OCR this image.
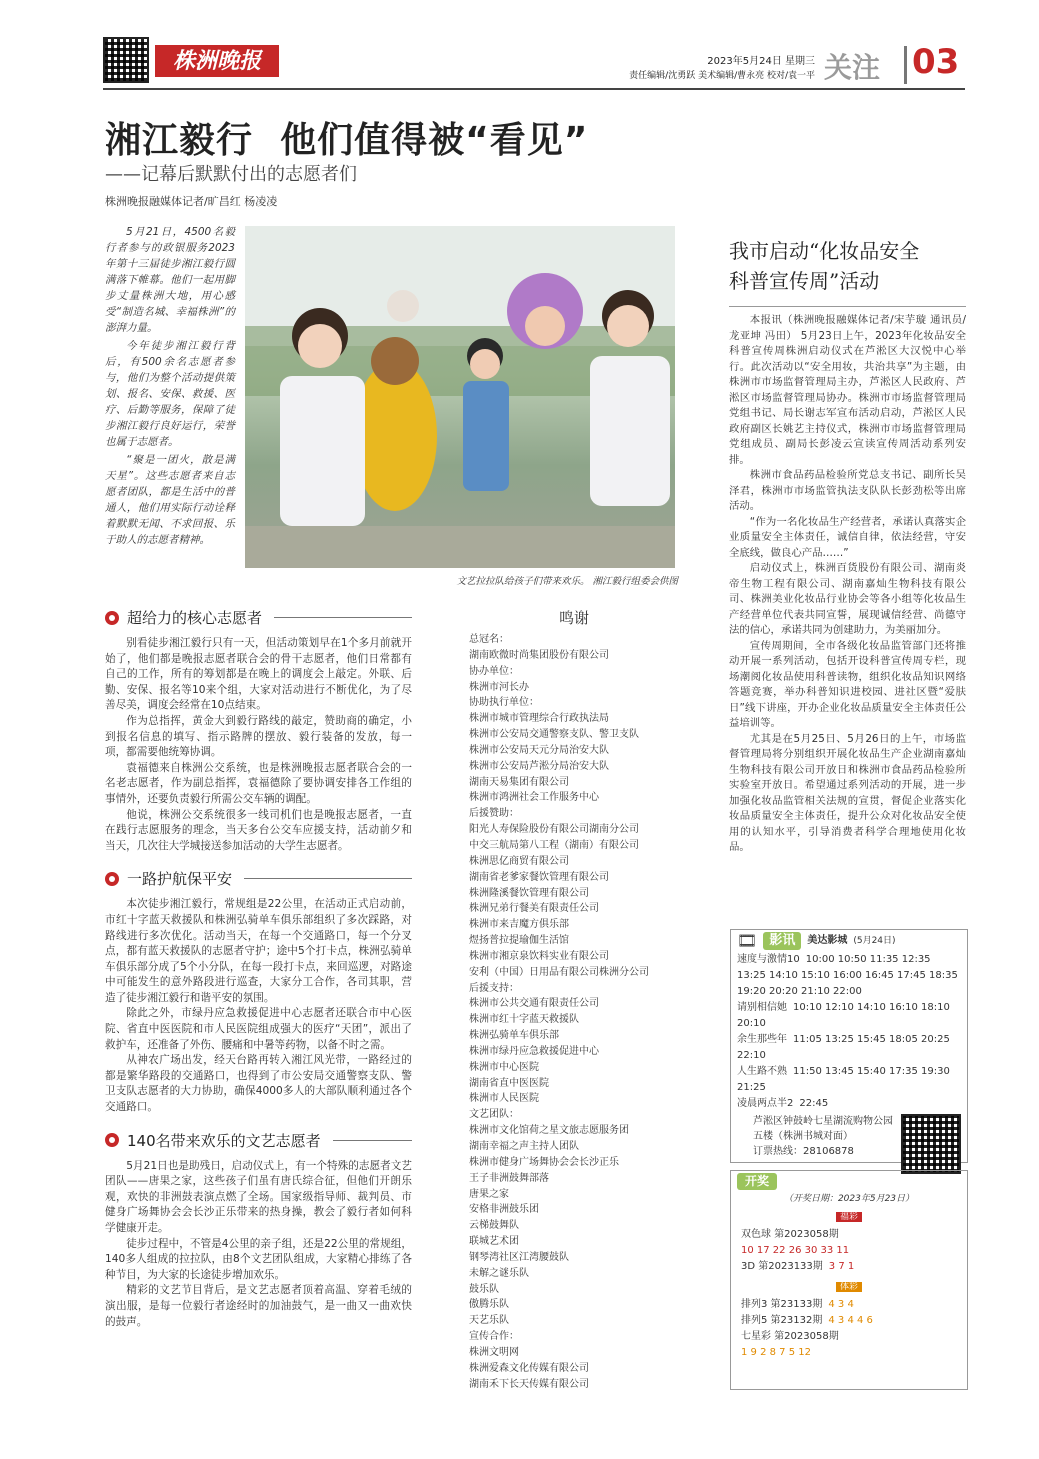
株洲晚报	2023年5月24日 星期三
责任编辑/沈勇跃 美术编辑/曹永亮 校对/袁一平 关注 03
湘江毅行  他们值得被“看见”
——记幕后默默付出的志愿者们
株洲晚报融媒体记者/旷昌红 杨凌凌

5月21日，4500名毅行者参与的政银服务2023年第十三届徒步湘江毅行圆满落下帷幕。他们一起用脚步丈量株洲大地，用心感受“制造名城、幸福株洲”的澎湃力量。

今年徒步湘江毅行背后，有500余名志愿者参与，他们为整个活动提供策划、报名、安保、救援、医疗、后勤等服务，保障了徒步湘江毅行良好运行，荣誉也属于志愿者。

“聚是一团火，散是满天星”。这些志愿者来自志愿者团队，都是生活中的普通人，他们用实际行动诠释着默默无闻、不求回报、乐于助人的志愿者精神。

文艺拉拉队给孩子们带来欢乐。 湘江毅行组委会供图
超给力的核心志愿者

别看徒步湘江毅行只有一天，但活动策划早在1个多月前就开始了，他们都是晚报志愿者联合会的骨干志愿者，他们日常都有自己的工作，所有的筹划都是在晚上的调度会上敲定。外联、后勤、安保、报名等10来个组，大家对活动进行不断优化，为了尽善尽美，调度会经常在10点结束。

作为总指挥，黄金大到毅行路线的敲定，赞助商的确定，小到报名信息的填写、指示路牌的摆放、毅行装备的发放，每一项，都需要他统筹协调。

袁福德来自株洲公交系统，也是株洲晚报志愿者联合会的一名老志愿者，作为副总指挥，袁福德除了要协调安排各工作组的事情外，还要负责毅行所需公交车辆的调配。

他说，株洲公交系统很多一线司机们也是晚报志愿者，一直在践行志愿服务的理念，当天多台公交车应援支持，活动前夕和当天，几次往大学城接送参加活动的大学生志愿者。

一路护航保平安

本次徒步湘江毅行，常规组是22公里，在活动正式启动前，市红十字蓝天救援队和株洲弘骑单车俱乐部组织了多次踩路，对路线进行多次优化。活动当天，在每一个交通路口，每一个分叉点，都有蓝天救援队的志愿者守护；途中5个打卡点，株洲弘骑单车俱乐部分成了5个小分队，在每一段打卡点，来回巡逻，对路途中可能发生的意外路段进行巡查，大家分工合作，各司其职，营造了徒步湘江毅行和谐平安的氛围。

除此之外，市绿丹应急救援促进中心志愿者还联合市中心医院、省直中医医院和市人民医院组成强大的医疗“天团”，派出了救护车，还准备了外伤、腰痛和中暑等药物，以备不时之需。

从神农广场出发，经天台路再转入湘江风光带，一路经过的都是繁华路段的交通路口，也得到了市公安局交通警察支队、警卫支队志愿者的大力协助，确保4000多人的大部队顺利通过各个交通路口。

140名带来欢乐的文艺志愿者

5月21日也是助残日，启动仪式上，有一个特殊的志愿者文艺团队——唐果之家，这些孩子们虽有唐氏综合征，但他们开朗乐观，欢快的非洲鼓表演点燃了全场。国家级指导师、裁判员、市健身广场舞协会会长沙正乐带来的热身操，教会了毅行者如何科学健康开走。

徒步过程中，不管是4公里的亲子组，还是22公里的常规组，140多人组成的拉拉队，由8个文艺团队组成，大家精心排练了各种节目，为大家的长途徒步增加欢乐。

精彩的文艺节目背后，是文艺志愿者顶着高温、穿着毛绒的演出服，是每一位毅行者途经时的加油鼓气，是一曲又一曲欢快的鼓声。

鸣谢

总冠名：

湖南欧微时尚集团股份有限公司

协办单位：

株洲市河长办

协助执行单位：

株洲市城市管理综合行政执法局

株洲市公安局交通警察支队、警卫支队

株洲市公安局天元分局治安大队

株洲市公安局芦淞分局治安大队

湖南天易集团有限公司

株洲市鸿洲社会工作服务中心

后援赞助：

阳光人寿保险股份有限公司湖南分公司

中交三航局第八工程（湖南）有限公司

株洲思亿商贸有限公司

湖南省老爹家餐饮管理有限公司

株洲隆溪餐饮管理有限公司

株洲兄弟行餐美有限责任公司

株洲市来吉魔方俱乐部

煜扬普拉提瑜伽生活馆

株洲市湘京泉饮料实业有限公司

安利（中国）日用品有限公司株洲分公司

后援支持：

株洲市公共交通有限责任公司

株洲市红十字蓝天救援队

株洲弘骑单车俱乐部

株洲市绿丹应急救援促进中心

株洲市中心医院

湖南省直中医医院

株洲市人民医院

文艺团队：

株洲市文化馆荷之星文旅志愿服务团

湖南幸福之声主持人团队

株洲市健身广场舞协会会长沙正乐

王子非洲鼓舞部落

唐果之家

安格非洲鼓乐团

云梯鼓舞队

联城艺术团

钢琴湾社区江湾腰鼓队

未解之谜乐队

鼓乐队

傲腾乐队

天艺乐队

宣传合作：

株洲文明网

株洲爱森文化传媒有限公司

湖南禾下长天传媒有限公司

我市启动“化妆品安全
科普宣传周”活动

本报讯（株洲晚报融媒体记者/宋芋璇 通讯员/龙亚坤 冯田） 5月23日上午，2023年化妆品安全科普宣传周株洲启动仪式在芦淞区大汉悦中心举行。此次活动以“安全用妆，共治共享”为主题，由株洲市市场监督管理局主办，芦淞区人民政府、芦淞区市场监督管理局协办。株洲市市场监督管理局党组书记、局长谢志军宣布活动启动，芦淞区人民政府副区长姚艺主持仪式，株洲市市场监督管理局党组成员、副局长彭凌云宣读宣传周活动系列安排。

株洲市食品药品检验所党总支书记、副所长吴泽君，株洲市市场监管执法支队队长彭劲松等出席活动。

“作为一名化妆品生产经营者，承诺认真落实企业质量安全主体责任，诚信自律，依法经营，守安全底线，做良心产品……”

启动仪式上，株洲百货股份有限公司、湖南炎帝生物工程有限公司、湖南嘉灿生物科技有限公司、株洲美业化妆品行业协会等各小组等化妆品生产经营单位代表共同宣誓，展现诚信经营、尚德守法的信心，承诺共同为创建助力，为美丽加分。

宣传周期间，全市各级化妆品监管部门还将推动开展一系列活动，包括开设科普宣传周专栏，现场潮阅化妆品使用科普读物，组织化妆品知识网络答题竞赛，举办科普知识进校园、进社区暨“爱肤日”线下讲座，开办企业化妆品质量安全主体责任公益培训等。

尤其是在5月25日、5月26日的上午，市场监督管理局将分别组织开展化妆品生产企业湖南嘉灿生物科技有限公司开放日和株洲市食品药品检验所实验室开放日。希望通过系列活动的开展，进一步加强化妆品监管相关法规的宣贯，督促企业落实化妆品质量安全主体责任，提升公众对化妆品安全使用的认知水平，引导消费者科学合理地使用化妆品。

🎞 影讯	美达影城 (5月24日)
速度与激情10 10:00 10:50 11:35 12:35 13:25 14:10 15:10 16:00 16:45 17:45 18:35 19:20 20:20 21:10 22:00
请别相信她 10:10 12:10 14:10 16:10 18:10 20:10
余生那些年 11:05 13:25 15:45 18:05 20:25 22:10
人生路不熟 11:50 13:45 15:40 17:35 19:30 21:25
凌晨两点半2 22:45
芦淞区钟鼓岭七星湖流购物公园五楼（株洲书城对面）
订票热线：28106878
开奖
（开奖日期：2023年5月23日）
福彩
双色球 第2023058期
10 17 22 26 30 33 11
3D 第2023133期 3 7 1
体彩
排列3 第23133期 4 3 4
排列5 第23132期 4 3 4 4 6
七星彩 第2023058期
1 9 2 8 7 5 12
